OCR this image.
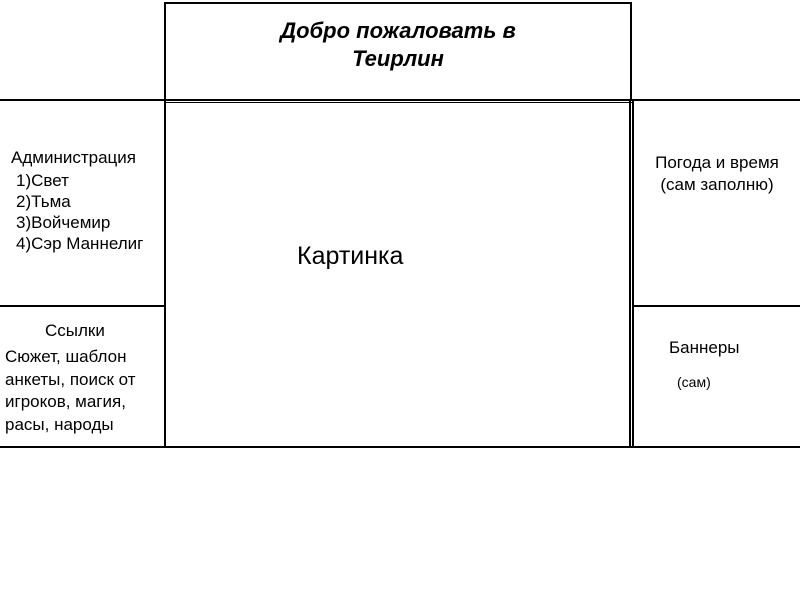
Добро пожаловать в
Теирлин
Администрация
1)Свет
2)Тьма
3)Войчемир
4)Сэр Маннелиг	Картинка
Погода и время
(сам заполню)
Ссылки
Сюжет, шаблон
анкеты, поиск от
игроков, магия,
расы, народы
Баннеры
(сам)
